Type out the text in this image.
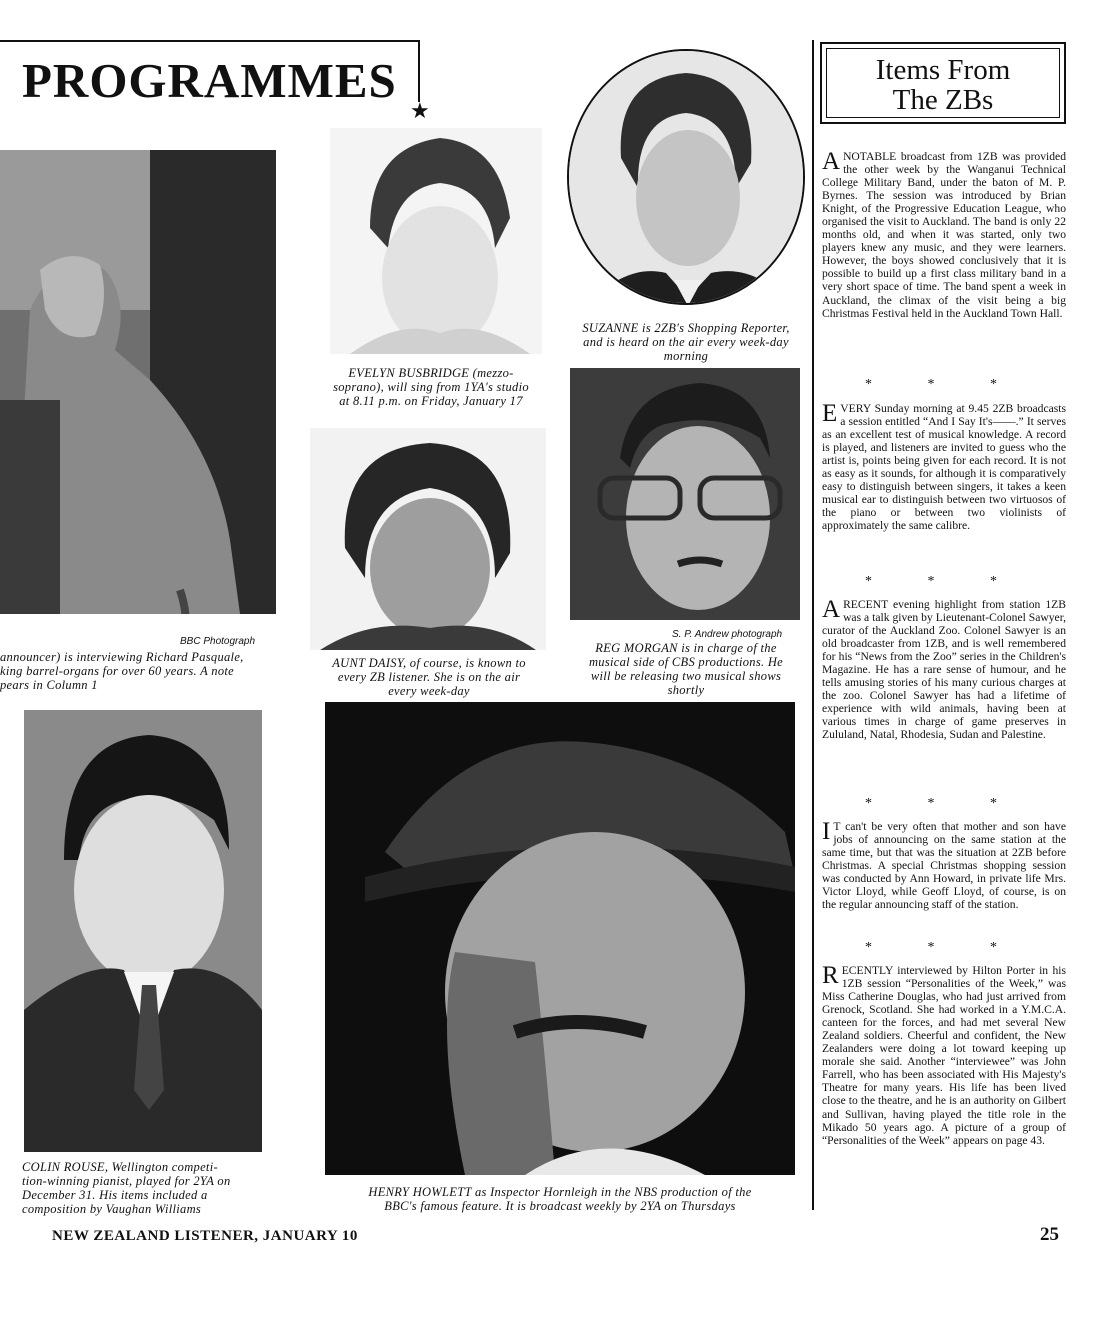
PROGRAMMES
★
BBC Photograph
announcer) is interviewing Richard Pasquale,
king barrel-organs for over 60 years. A note
pears in Column 1
EVELYN BUSBRIDGE (mezzo-
soprano), will sing from 1YA's studio
at 8.11 p.m. on Friday, January 17
SUZANNE is 2ZB's Shopping Reporter,
and is heard on the air every week-day
morning
AUNT DAISY, of course, is known to
every ZB listener. She is on the air
every week-day
S. P. Andrew photograph
REG MORGAN is in charge of the
musical side of CBS productions. He
will be releasing two musical shows
shortly
COLIN ROUSE, Wellington competi-
tion-winning pianist, played for 2YA on
December 31. His items included a
composition by Vaughan Williams
HENRY HOWLETT as Inspector Hornleigh in the NBS production of the
BBC's famous feature. It is broadcast weekly by 2YA on Thursdays
Items From
The ZBs
A NOTABLE broadcast from 1ZB was provided the other week by the Wanganui Technical College Military Band, under the baton of M. P. Byrnes. The session was introduced by Brian Knight, of the Progressive Education League, who organised the visit to Auckland. The band is only 22 months old, and when it was started, only two players knew any music, and they were learners. However, the boys showed conclusively that it is possible to build up a first class military band in a very short space of time. The band spent a week in Auckland, the climax of the visit being a big Christmas Festival held in the Auckland Town Hall.
* * *
E VERY Sunday morning at 9.45 2ZB broadcasts a session entitled “And I Say It's——.” It serves as an excellent test of musical knowledge. A record is played, and listeners are invited to guess who the artist is, points being given for each record. It is not as easy as it sounds, for although it is comparatively easy to distinguish between singers, it takes a keen musical ear to distinguish between two virtuosos of the piano or between two violinists of approximately the same calibre.
* * *
A RECENT evening highlight from station 1ZB was a talk given by Lieutenant-Colonel Sawyer, curator of the Auckland Zoo. Colonel Sawyer is an old broadcaster from 1ZB, and is well remembered for his “News from the Zoo” series in the Children's Magazine. He has a rare sense of humour, and he tells amusing stories of his many curious charges at the zoo. Colonel Sawyer has had a lifetime of experience with wild animals, having been at various times in charge of game preserves in Zululand, Natal, Rhodesia, Sudan and Palestine.
* * *
I T can't be very often that mother and son have jobs of announcing on the same station at the same time, but that was the situation at 2ZB before Christmas. A special Christmas shopping session was conducted by Ann Howard, in private life Mrs. Victor Lloyd, while Geoff Lloyd, of course, is on the regular announcing staff of the station.
* * *
R ECENTLY interviewed by Hilton Porter in his 1ZB session “Personalities of the Week,” was Miss Catherine Douglas, who had just arrived from Grenock, Scotland. She had worked in a Y.M.C.A. canteen for the forces, and had met several New Zealand soldiers. Cheerful and confident, the New Zealanders were doing a lot toward keeping up morale she said. Another “interviewee” was John Farrell, who has been associated with His Majesty's Theatre for many years. His life has been lived close to the theatre, and he is an authority on Gilbert and Sullivan, having played the title role in the Mikado 50 years ago. A picture of a group of “Personalities of the Week” appears on page 43.
NEW ZEALAND LISTENER, JANUARY 10	25
